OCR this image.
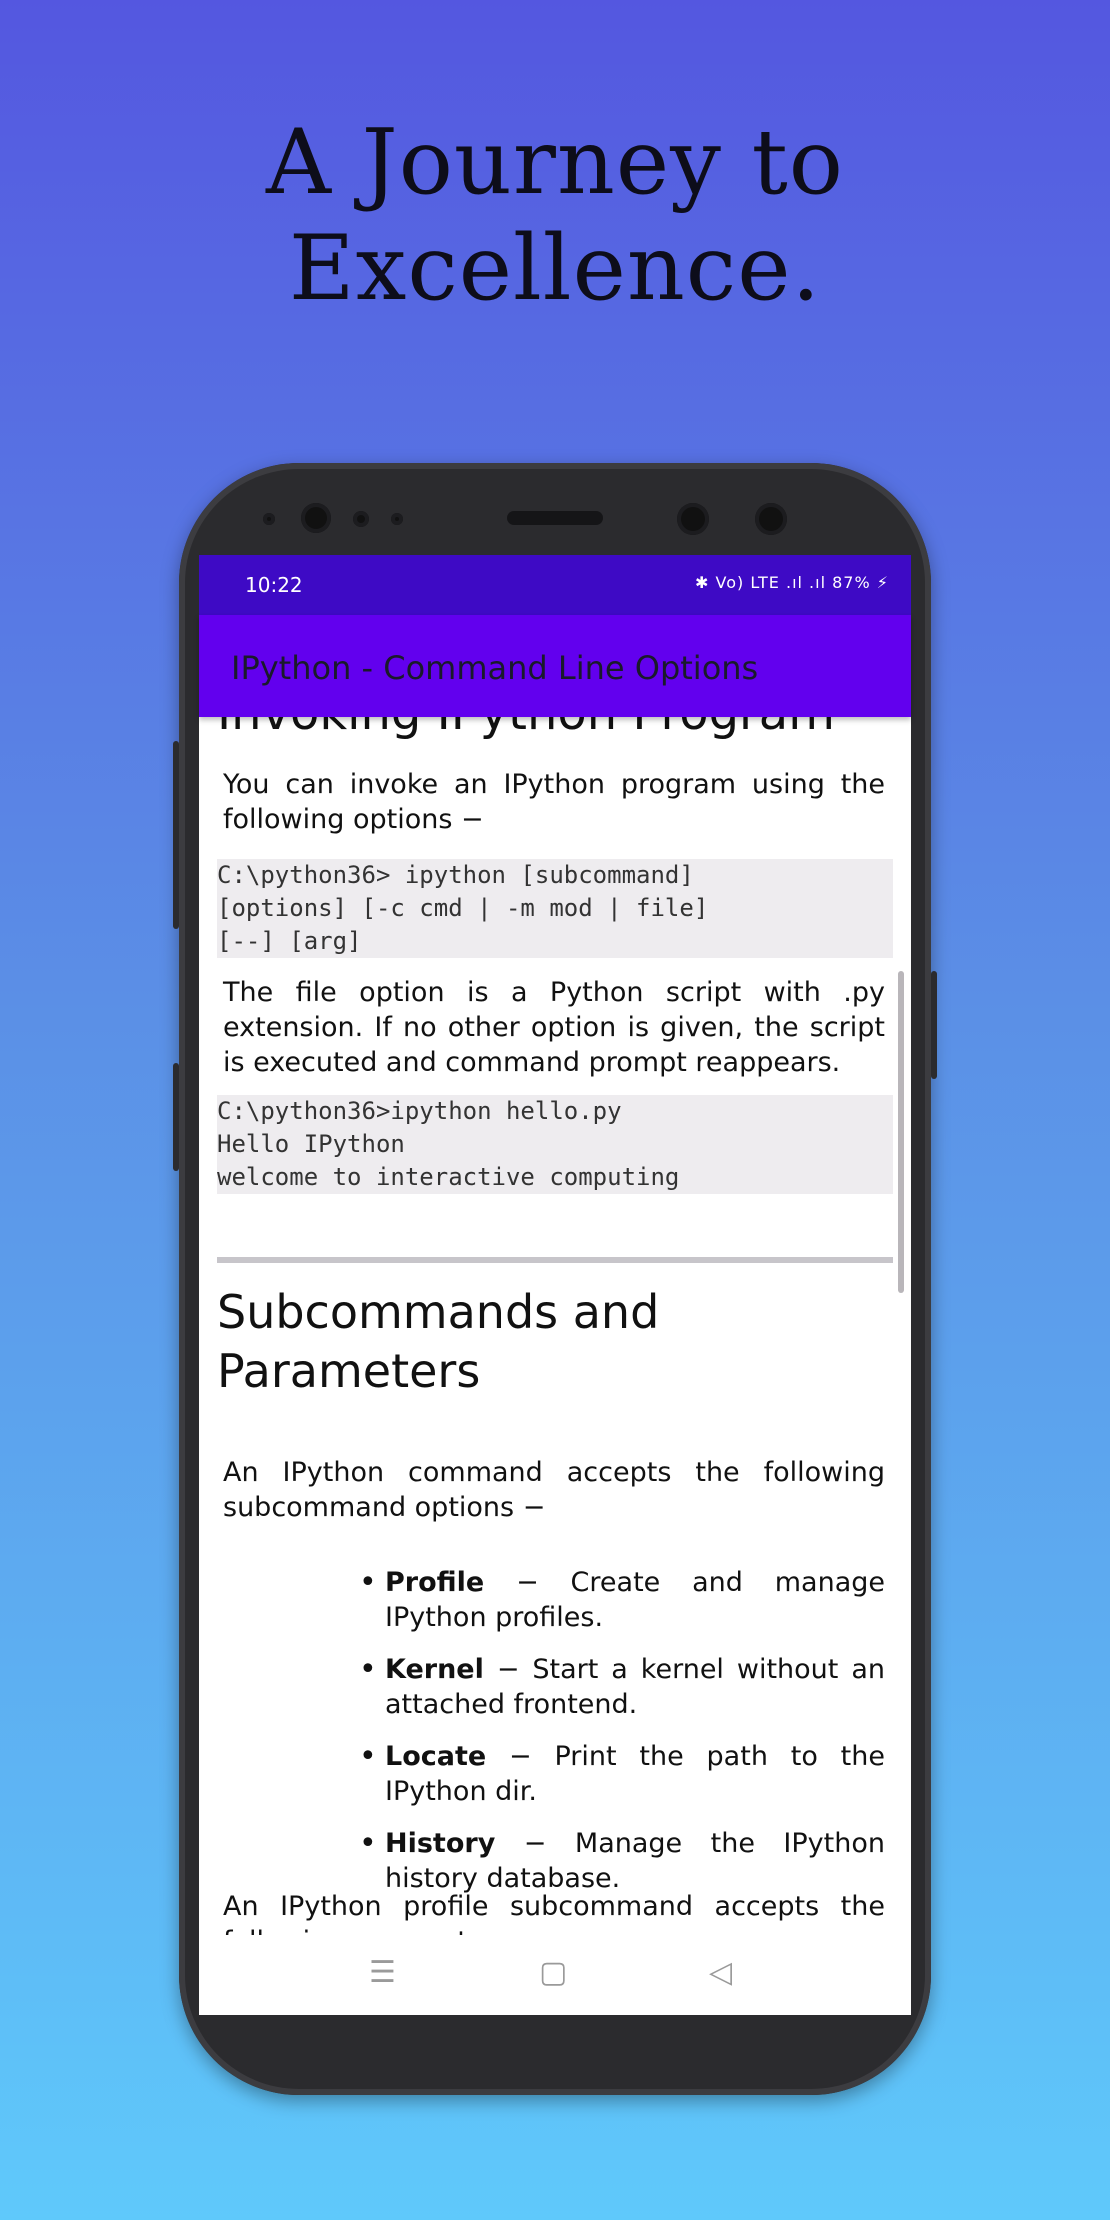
A Journey to
Excellence.
10:22	✱ Vo) LTE .ıl .ıl 87% ⚡
IPython - Command Line Options
You can invoke an IPython program using the following options −
C:\python36> ipython [subcommand]
[options] [-c cmd | -m mod | file]
[--] [arg]
The file option is a Python script with .py extension. If no other option is given, the script is executed and command prompt reappears.
C:\python36>ipython hello.py
Hello IPython
welcome to interactive computing
Subcommands and Parameters
An IPython command accepts the following subcommand options −
• Profile − Create and manage IPython profiles.
• Kernel − Start a kernel without an attached frontend.
• Locate − Print the path to the IPython dir.
• History − Manage the IPython history database.
An IPython profile subcommand accepts the
☰	▢	◁
